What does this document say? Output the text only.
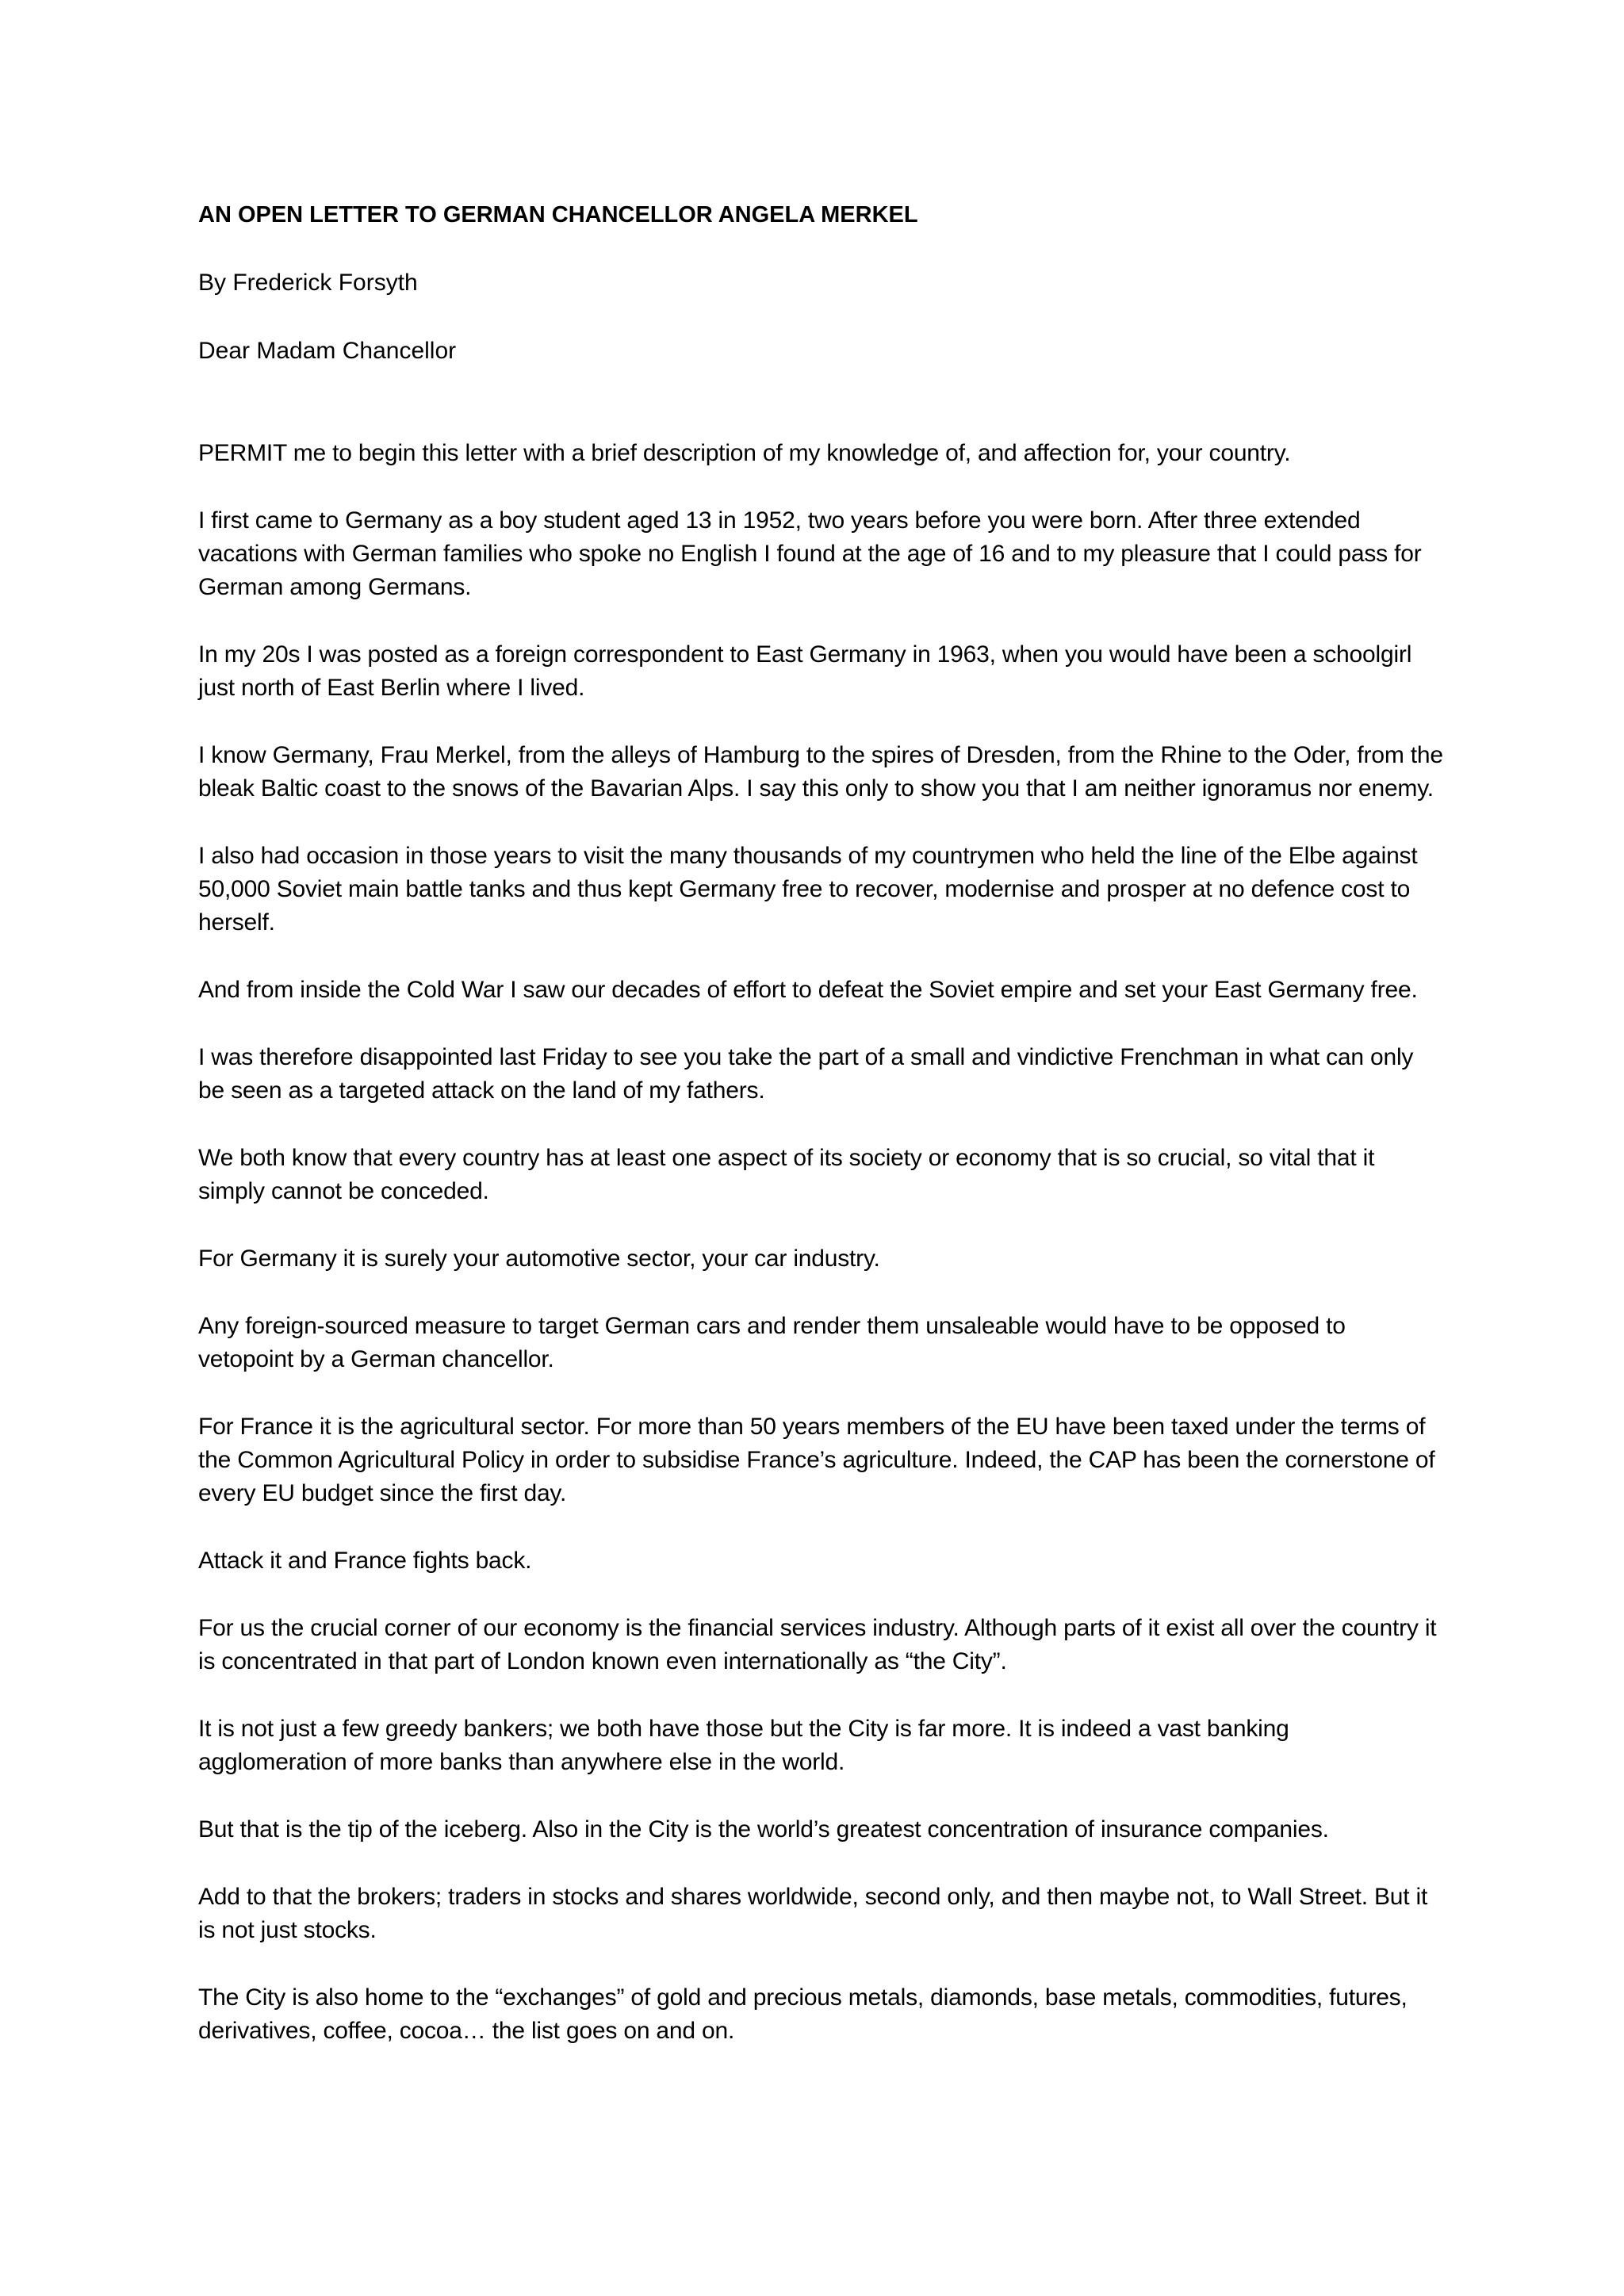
AN OPEN LETTER TO GERMAN CHANCELLOR ANGELA MERKEL

By Frederick Forsyth

Dear Madam Chancellor

PERMIT me to begin this letter with a brief description of my knowledge of, and affection for, your country.

I first came to Germany as a boy student aged 13 in 1952, two years before you were born. After three extended vacations with German families who spoke no English I found at the age of 16 and to my pleasure that I could pass for German among Germans.

In my 20s I was posted as a foreign correspondent to East Germany in 1963, when you would have been a schoolgirl just north of East Berlin where I lived.

I know Germany, Frau Merkel, from the alleys of Hamburg to the spires of Dresden, from the Rhine to the Oder, from the bleak Baltic coast to the snows of the Bavarian Alps. I say this only to show you that I am neither ignoramus nor enemy.

I also had occasion in those years to visit the many thousands of my countrymen who held the line of the Elbe against 50,000 Soviet main battle tanks and thus kept Germany free to recover, modernise and prosper at no defence cost to herself.

And from inside the Cold War I saw our decades of effort to defeat the Soviet empire and set your East Germany free.

I was therefore disappointed last Friday to see you take the part of a small and vindictive Frenchman in what can only be seen as a targeted attack on the land of my fathers.

We both know that every country has at least one aspect of its society or economy that is so crucial, so vital that it simply cannot be conceded.

For Germany it is surely your automotive sector, your car industry.

Any foreign-sourced measure to target German cars and render them unsaleable would have to be opposed to vetopoint by a German chancellor.

For France it is the agricultural sector. For more than 50 years members of the EU have been taxed under the terms of the Common Agricultural Policy in order to subsidise France’s agriculture. Indeed, the CAP has been the cornerstone of every EU budget since the first day.

Attack it and France fights back.

For us the crucial corner of our economy is the financial services industry. Although parts of it exist all over the country it is concentrated in that part of London known even internationally as “the City”.

It is not just a few greedy bankers; we both have those but the City is far more. It is indeed a vast banking agglomeration of more banks than anywhere else in the world.

But that is the tip of the iceberg. Also in the City is the world’s greatest concentration of insurance companies.

Add to that the brokers; traders in stocks and shares worldwide, second only, and then maybe not, to Wall Street. But it is not just stocks.

The City is also home to the “exchanges” of gold and precious metals, diamonds, base metals, commodities, futures, derivatives, coffee, cocoa… the list goes on and on.
